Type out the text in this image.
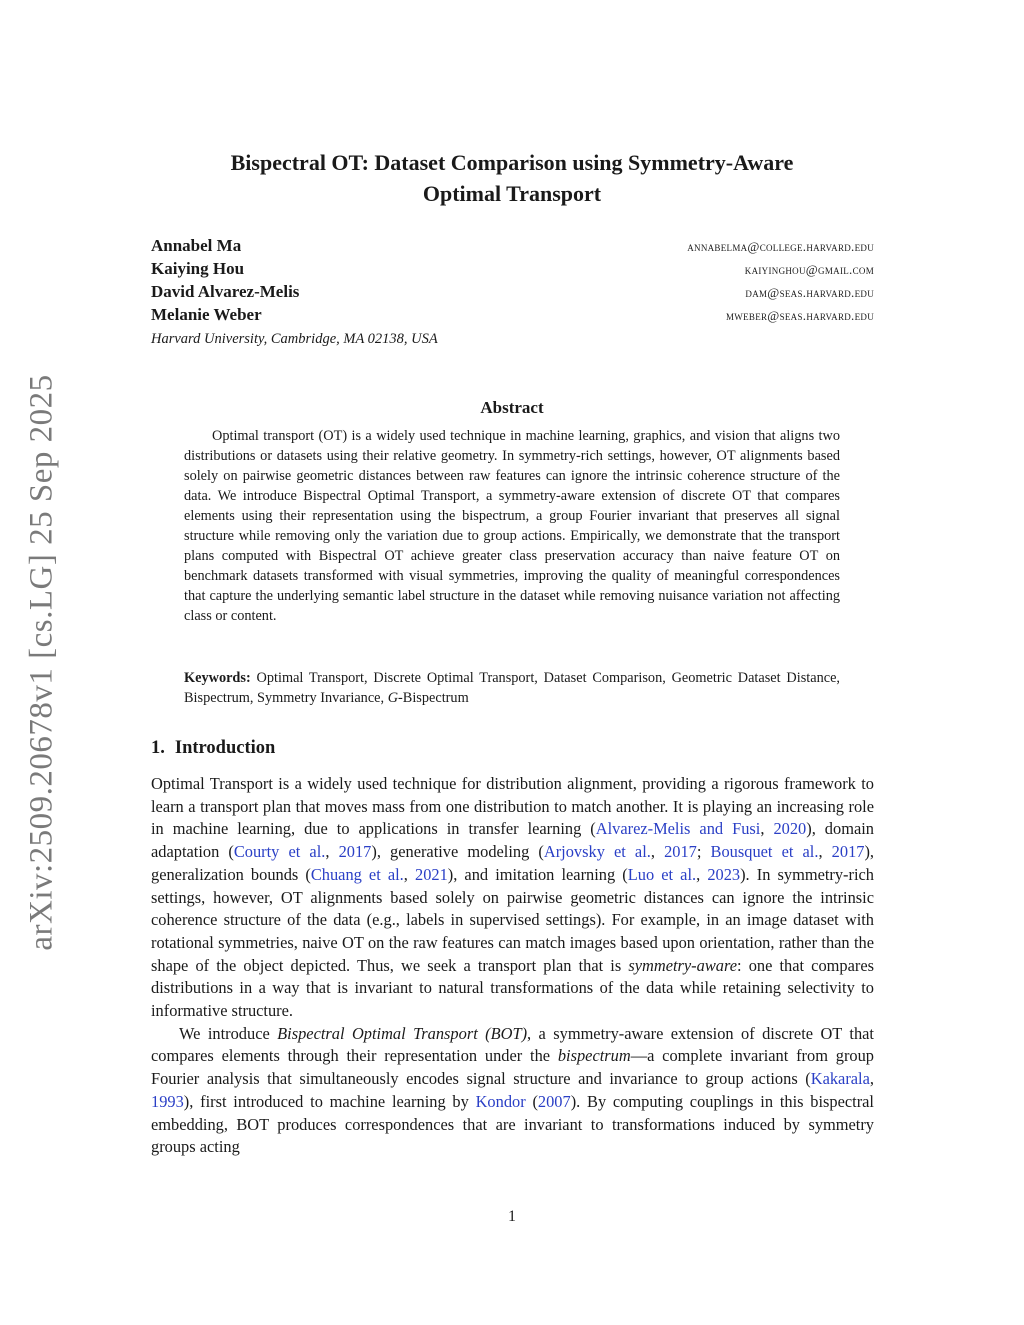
arXiv:2509.20678v1 [cs.LG] 25 Sep 2025
Bispectral OT: Dataset Comparison using Symmetry-Aware
Optimal Transport
Annabel Ma	annabelma@college.harvard.edu
Kaiying Hou	kaiyinghou@gmail.com
David Alvarez-Melis	dam@seas.harvard.edu
Melanie Weber	mweber@seas.harvard.edu
Harvard University, Cambridge, MA 02138, USA
Abstract

Optimal transport (OT) is a widely used technique in machine learning, graphics, and vision that aligns two distributions or datasets using their relative geometry. In symmetry-rich settings, however, OT alignments based solely on pairwise geometric distances between raw features can ignore the intrinsic coherence structure of the data. We introduce Bispectral Optimal Transport, a symmetry-aware extension of discrete OT that compares elements using their representation using the bispectrum, a group Fourier invariant that preserves all signal structure while removing only the variation due to group actions. Empirically, we demonstrate that the transport plans computed with Bispectral OT achieve greater class preservation accuracy than naive feature OT on benchmark datasets transformed with visual symmetries, improving the quality of meaningful correspondences that capture the underlying semantic label structure in the dataset while removing nuisance variation not affecting class or content.

Keywords: Optimal Transport, Discrete Optimal Transport, Dataset Comparison, Geometric Dataset Distance, Bispectrum, Symmetry Invariance, G-Bispectrum

1. Introduction

Optimal Transport is a widely used technique for distribution alignment, providing a rigorous framework to learn a transport plan that moves mass from one distribution to match another. It is playing an increasing role in machine learning, due to applications in transfer learning (Alvarez-Melis and Fusi, 2020), domain adaptation (Courty et al., 2017), generative modeling (Arjovsky et al., 2017; Bousquet et al., 2017), generalization bounds (Chuang et al., 2021), and imitation learning (Luo et al., 2023). In symmetry-rich settings, however, OT alignments based solely on pairwise geometric distances can ignore the intrinsic coherence structure of the data (e.g., labels in supervised settings). For example, in an image dataset with rotational symmetries, naive OT on the raw features can match images based upon orientation, rather than the shape of the object depicted. Thus, we seek a transport plan that is symmetry-aware: one that compares distributions in a way that is invariant to natural transformations of the data while retaining selectivity to informative structure.

We introduce Bispectral Optimal Transport (BOT), a symmetry-aware extension of discrete OT that compares elements through their representation under the bispectrum—a complete invariant from group Fourier analysis that simultaneously encodes signal structure and invariance to group actions (Kakarala, 1993), first introduced to machine learning by Kondor (2007). By computing couplings in this bispectral embedding, BOT produces correspondences that are invariant to transformations induced by symmetry groups acting

1
